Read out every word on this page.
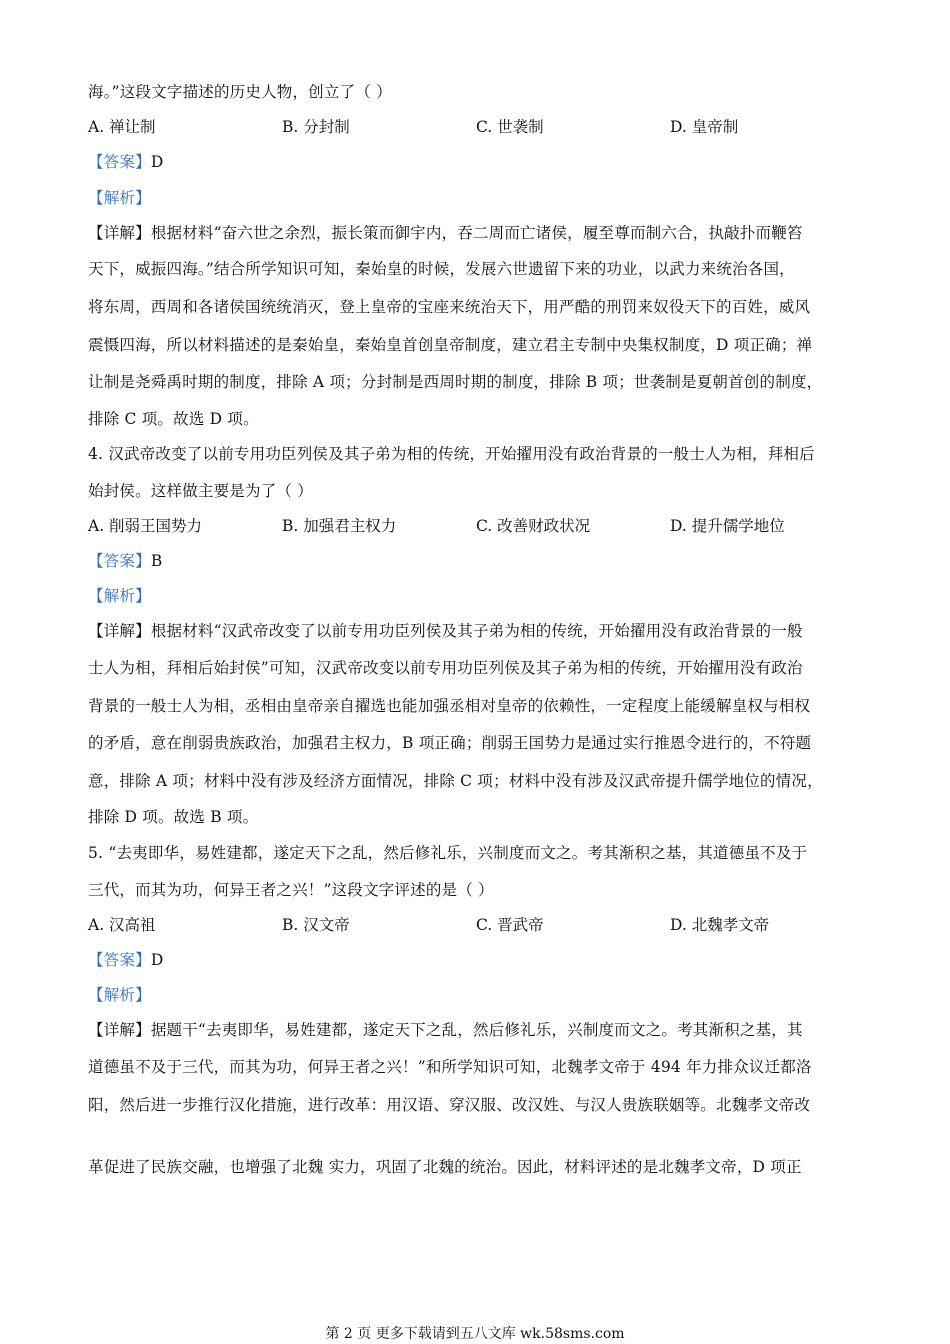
海。”这段文字描述的历史人物，创立了（ ）
A. 禅让制	B. 分封制	C. 世袭制	D. 皇帝制
【答案】D
【解析】
【详解】根据材料“奋六世之余烈，振长策而御宇内，吞二周而亡诸侯，履至尊而制六合，执敲扑而鞭笞
天下，威振四海。”结合所学知识可知，秦始皇的时候，发展六世遗留下来的功业，以武力来统治各国，
将东周，西周和各诸侯国统统消灭，登上皇帝的宝座来统治天下，用严酷的刑罚来奴役天下的百姓，威风
震慑四海，所以材料描述的是秦始皇，秦始皇首创皇帝制度，建立君主专制中央集权制度，D 项正确；禅
让制是尧舜禹时期的制度，排除 A 项；分封制是西周时期的制度，排除 B 项；世袭制是夏朝首创的制度，
排除 C 项。故选 D 项。
4. 汉武帝改变了以前专用功臣列侯及其子弟为相的传统，开始擢用没有政治背景的一般士人为相，拜相后
始封侯。这样做主要是为了（ ）
A. 削弱王国势力	B. 加强君主权力	C. 改善财政状况	D. 提升儒学地位
【答案】B
【解析】
【详解】根据材料“汉武帝改变了以前专用功臣列侯及其子弟为相的传统，开始擢用没有政治背景的一般
士人为相，拜相后始封侯”可知，汉武帝改变以前专用功臣列侯及其子弟为相的传统，开始擢用没有政治
背景的一般士人为相，丞相由皇帝亲自擢选也能加强丞相对皇帝的依赖性，一定程度上能缓解皇权与相权
的矛盾，意在削弱贵族政治，加强君主权力，B 项正确；削弱王国势力是通过实行推恩令进行的，不符题
意，排除 A 项；材料中没有涉及经济方面情况，排除 C 项；材料中没有涉及汉武帝提升儒学地位的情况，
排除 D 项。故选 B 项。
5. “去夷即华，易姓建都，遂定天下之乱，然后修礼乐，兴制度而文之。考其渐积之基，其道德虽不及于
三代，而其为功，何异王者之兴！”这段文字评述的是（ ）
A. 汉高祖	B. 汉文帝	C. 晋武帝	D. 北魏孝文帝
【答案】D
【解析】
【详解】据题干“去夷即华，易姓建都，遂定天下之乱，然后修礼乐，兴制度而文之。考其渐积之基，其
道德虽不及于三代，而其为功，何异王者之兴！”和所学知识可知，北魏孝文帝于 494 年力排众议迁都洛
阳，然后进一步推行汉化措施，进行改革：用汉语、穿汉服、改汉姓、与汉人贵族联姻等。北魏孝文帝改
革促进了民族交融，也增强了北魏 实力，巩固了北魏的统治。因此，材料评述的是北魏孝文帝，D 项正
第 2 页 更多下载请到五八文库 wk.58sms.com
